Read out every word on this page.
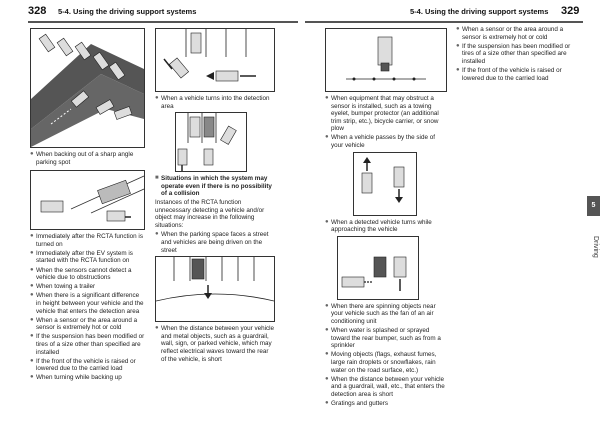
328 5-4. Using the driving support systems	5-4. Using the driving support systems 329
● When backing out of a sharp angle parking spot
● Immediately after the RCTA function is turned on
● Immediately after the EV system is started with the RCTA function on
● When the sensors cannot detect a vehicle due to obstructions
● When towing a trailer
● When there is a significant difference in height between your vehicle and the vehicle that enters the detection area
● When a sensor or the area around a sensor is extremely hot or cold
● If the suspension has been modified or tires of a size other than specified are installed
● If the front of the vehicle is raised or lowered due to the carried load
● When turning while backing up
● When a vehicle turns into the detection area
■ Situations in which the system may operate even if there is no possibility of a collision
Instances of the RCTA function unnecessary detecting a vehicle and/or object may increase in the following situations:
● When the parking space faces a street and vehicles are being driven on the street
● When the distance between your vehicle and metal objects, such as a guardrail, wall, sign, or parked vehicle, which may reflect electrical waves toward the rear of the vehicle, is short
● When equipment that may obstruct a sensor is installed, such as a towing eyelet, bumper protector (an additional trim strip, etc.), bicycle carrier, or snow plow
● When a vehicle passes by the side of your vehicle
● When a detected vehicle turns while approaching the vehicle
● When there are spinning objects near your vehicle such as the fan of an air conditioning unit
● When water is splashed or sprayed toward the rear bumper, such as from a sprinkler
● Moving objects (flags, exhaust fumes, large rain droplets or snowflakes, rain water on the road surface, etc.)
● When the distance between your vehicle and a guardrail, wall, etc., that enters the detection area is short
● Gratings and gutters
● When a sensor or the area around a sensor is extremely hot or cold
● If the suspension has been modified or tires of a size other than specified are installed
● If the front of the vehicle is raised or lowered due to the carried load
5
Driving
